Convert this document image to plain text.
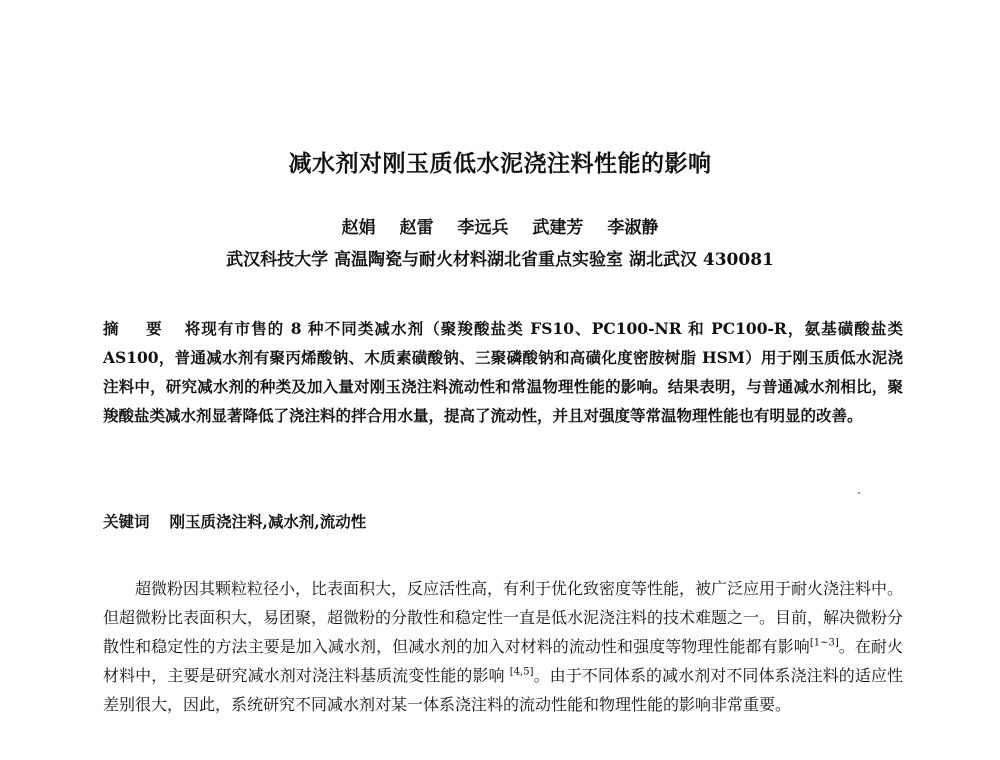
减水剂对刚玉质低水泥浇注料性能的影响
赵娟 赵雷 李远兵 武建芳 李淑静
武汉科技大学 高温陶瓷与耐火材料湖北省重点实验室 湖北武汉 430081
摘 要 将现有市售的 8 种不同类减水剂（聚羧酸盐类 FS10、PC100-NR 和 PC100-R，氨基磺酸盐类 AS100，普通减水剂有聚丙烯酸钠、木质素磺酸钠、三聚磷酸钠和高磺化度密胺树脂 HSM）用于刚玉质低水泥浇注料中，研究减水剂的种类及加入量对刚玉浇注料流动性和常温物理性能的影响。结果表明，与普通减水剂相比，聚羧酸盐类减水剂显著降低了浇注料的拌合用水量，提高了流动性，并且对强度等常温物理性能也有明显的改善。
关键词 刚玉质浇注料,减水剂,流动性
超微粉因其颗粒粒径小，比表面积大，反应活性高，有利于优化致密度等性能，被广泛应用于耐火浇注料中。但超微粉比表面积大，易团聚，超微粉的分散性和稳定性一直是低水泥浇注料的技术难题之一。目前，解决微粉分散性和稳定性的方法主要是加入减水剂，但减水剂的加入对材料的流动性和强度等物理性能都有影响[1~3]。在耐火材料中，主要是研究减水剂对浇注料基质流变性能的影响 [4,5]。由于不同体系的减水剂对不同体系浇注料的适应性差别很大，因此，系统研究不同减水剂对某一体系浇注料的流动性能和物理性能的影响非常重要。
